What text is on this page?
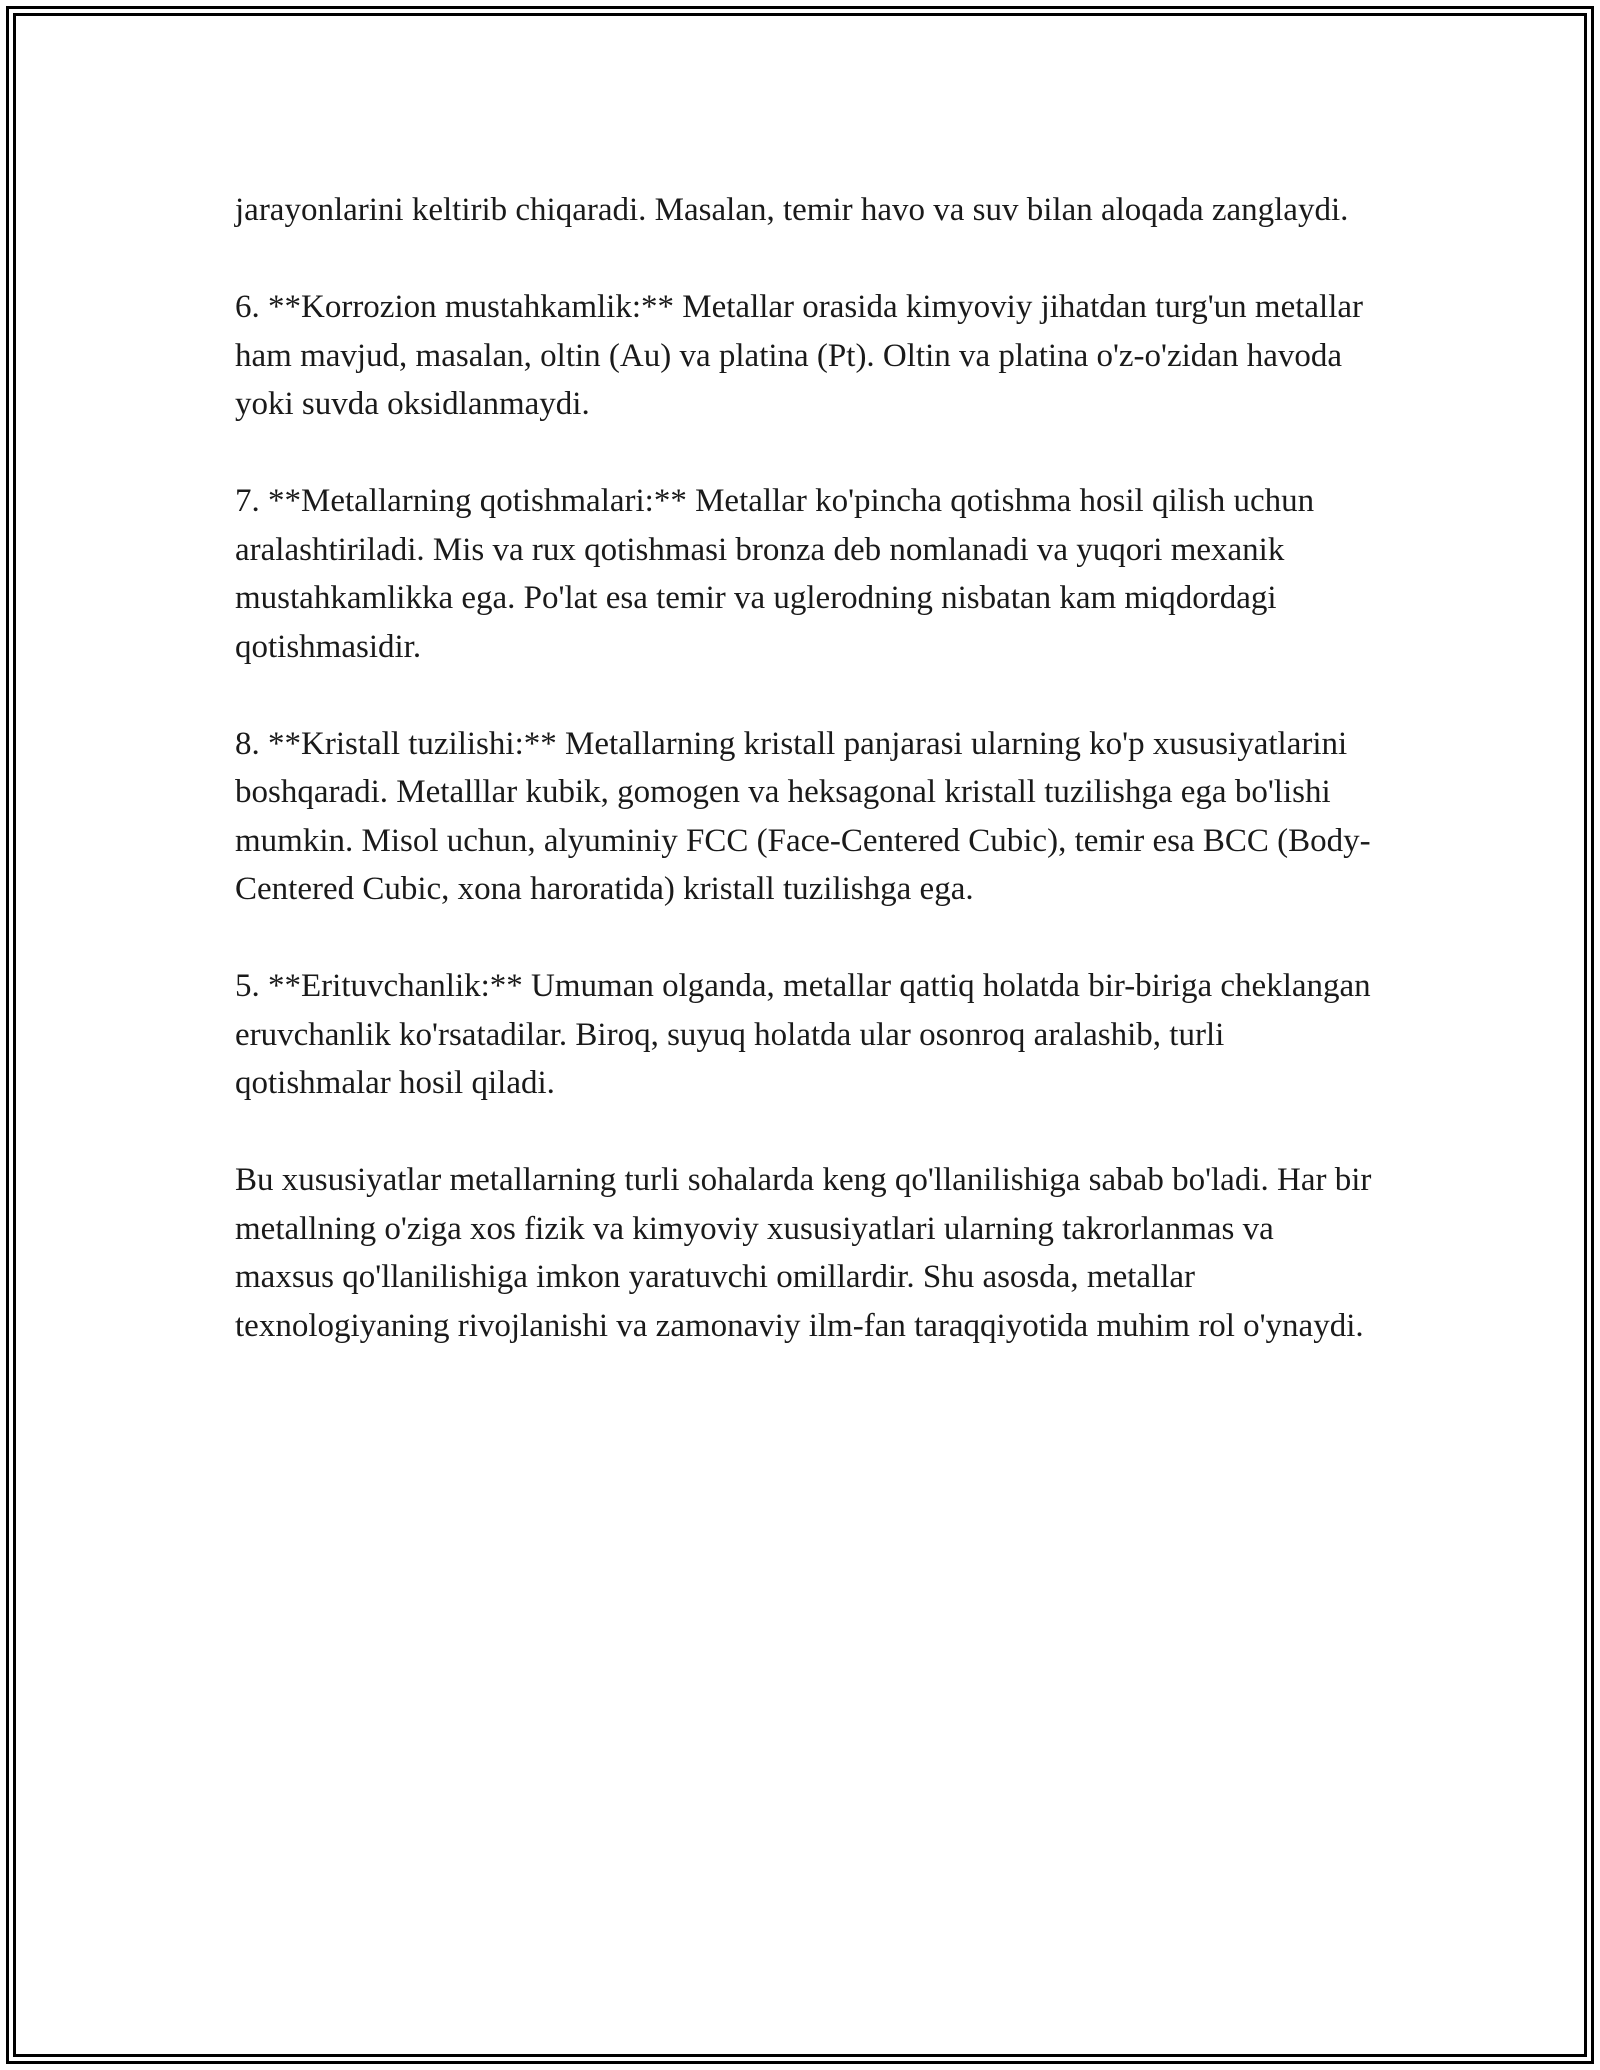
jarayonlarini keltirib chiqaradi. Masalan, temir havo va suv bilan aloqada zanglaydi.

6. **Korrozion mustahkamlik:** Metallar orasida kimyoviy jihatdan turg'un metallar ham mavjud, masalan, oltin (Au) va platina (Pt). Oltin va platina o'z-o'zidan havoda yoki suvda oksidlanmaydi.

7. **Metallarning qotishmalari:** Metallar ko'pincha qotishma hosil qilish uchun aralashtiriladi. Mis va rux qotishmasi bronza deb nomlanadi va yuqori mexanik mustahkamlikka ega. Po'lat esa temir va uglerodning nisbatan kam miqdordagi qotishmasidir.

8. **Kristall tuzilishi:** Metallarning kristall panjarasi ularning ko'p xususiyatlarini boshqaradi. Metalllar kubik, gomogen va heksagonal kristall tuzilishga ega bo'lishi mumkin. Misol uchun, alyuminiy FCC (Face-Centered Cubic), temir esa BCC (Body-Centered Cubic, xona haroratida) kristall tuzilishga ega.

5. **Erituvchanlik:** Umuman olganda, metallar qattiq holatda bir-biriga cheklangan eruvchanlik ko'rsatadilar. Biroq, suyuq holatda ular osonroq aralashib, turli qotishmalar hosil qiladi.

Bu xususiyatlar metallarning turli sohalarda keng qo'llanilishiga sabab bo'ladi. Har bir metallning o'ziga xos fizik va kimyoviy xususiyatlari ularning takrorlanmas va maxsus qo'llanilishiga imkon yaratuvchi omillardir. Shu asosda, metallar texnologiyaning rivojlanishi va zamonaviy ilm-fan taraqqiyotida muhim rol o'ynaydi.
